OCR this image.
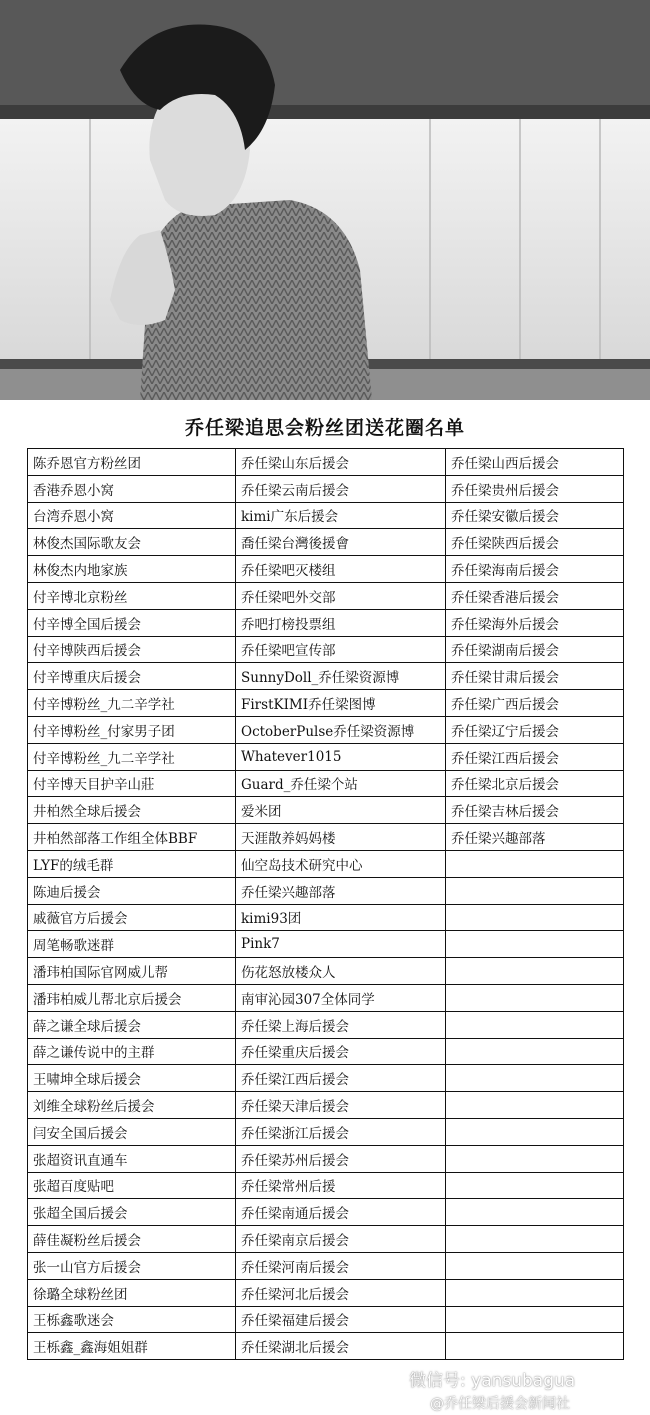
乔任梁追思会粉丝团送花圈名单
陈乔恩官方粉丝团	乔任梁山东后援会	乔任梁山西后援会
香港乔恩小窝	乔任梁云南后援会	乔任梁贵州后援会
台湾乔恩小窝	kimi广东后援会	乔任梁安徽后援会
林俊杰国际歌友会	喬任梁台灣後援會	乔任梁陕西后援会
林俊杰内地家族	乔任梁吧灭楼组	乔任梁海南后援会
付辛博北京粉丝	乔任梁吧外交部	乔任梁香港后援会
付辛博全国后援会	乔吧打榜投票组	乔任梁海外后援会
付辛博陕西后援会	乔任梁吧宣传部	乔任梁湖南后援会
付辛博重庆后援会	SunnyDoll_乔任梁资源博	乔任梁甘肃后援会
付辛博粉丝_九二辛学社	FirstKIMI乔任梁图博	乔任梁广西后援会
付辛博粉丝_付家男子团	OctoberPulse乔任梁资源博	乔任梁辽宁后援会
付辛博粉丝_九二辛学社	Whatever1015	乔任梁江西后援会
付辛博天目护辛山莊	Guard_乔任梁个站	乔任梁北京后援会
井柏然全球后援会	爱米团	乔任梁吉林后援会
井柏然部落工作组全体BBF	天涯散养妈妈楼	乔任梁兴趣部落
LYF的绒毛群	仙空岛技术研究中心	
陈迪后援会	乔任梁兴趣部落	
戚薇官方后援会	kimi93团	
周笔畅歌迷群	Pink7	
潘玮柏国际官网威儿帮	伤花怒放楼众人	
潘玮柏威儿帮北京后援会	南审沁园307全体同学	
薛之谦全球后援会	乔任梁上海后援会	
薛之谦传说中的主群	乔任梁重庆后援会	
王啸坤全球后援会	乔任梁江西后援会	
刘维全球粉丝后援会	乔任梁天津后援会	
闫安全国后援会	乔任梁浙江后援会	
张超资讯直通车	乔任梁苏州后援会	
张超百度贴吧	乔任梁常州后援	
张超全国后援会	乔任梁南通后援会	
薛佳凝粉丝后援会	乔任梁南京后援会	
张一山官方后援会	乔任梁河南后援会	
徐璐全球粉丝团	乔任梁河北后援会	
王栎鑫歌迷会	乔任梁福建后援会	
王栎鑫_鑫海姐姐群	乔任梁湖北后援会	
微信号: yansubagua
@乔任梁后援会新闻社
